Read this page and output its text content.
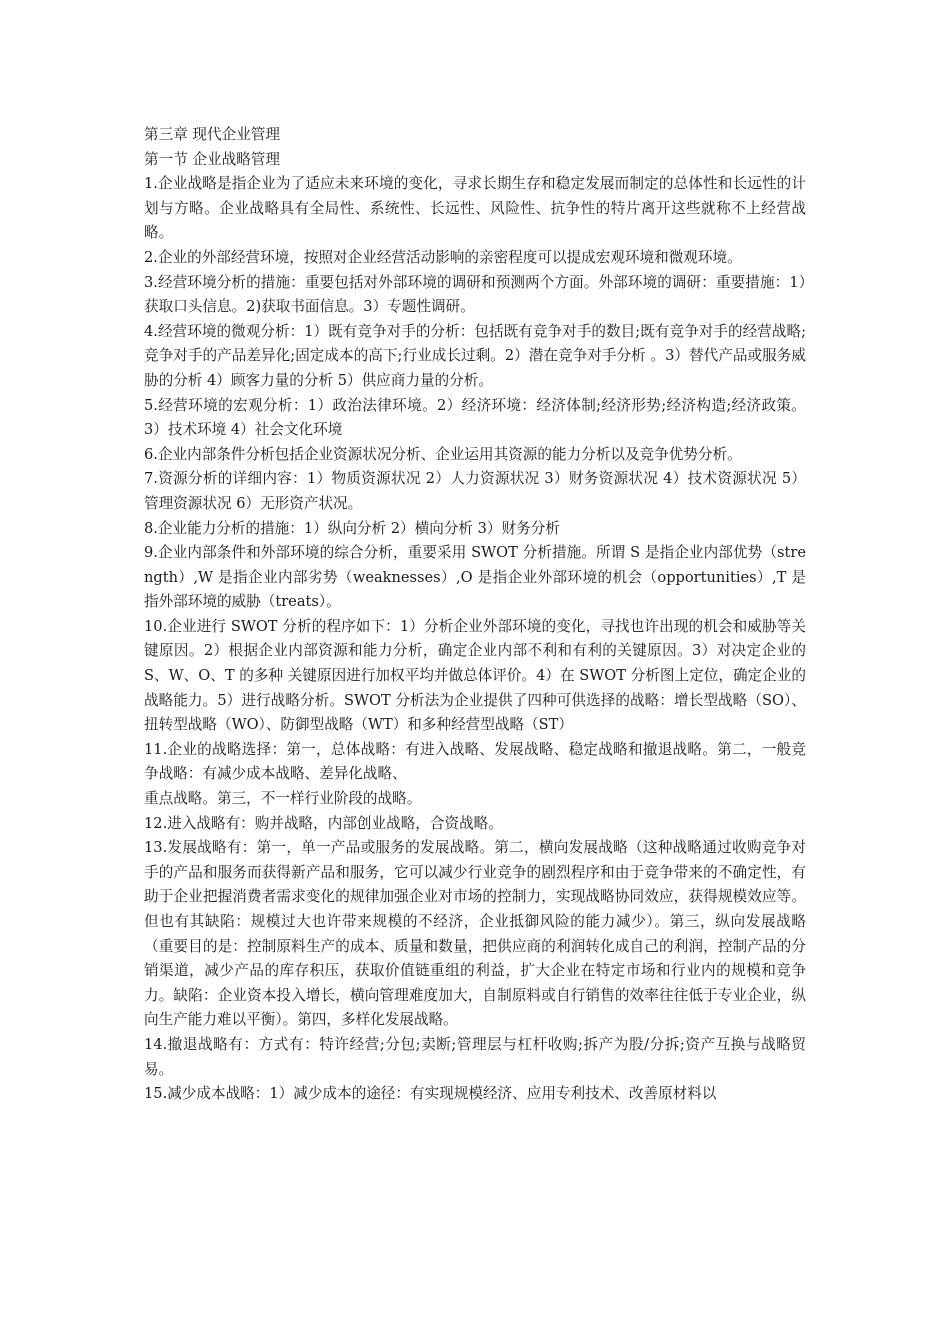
第三章 现代企业管理

第一节 企业战略管理

1.企业战略是指企业为了适应未来环境的变化，寻求长期生存和稳定发展而制定的总体性和长远性的计划与方略。企业战略具有全局性、系统性、长远性、风险性、抗争性的特片离开这些就称不上经营战略。

2.企业的外部经营环境，按照对企业经营活动影响的亲密程度可以提成宏观环境和微观环境。

3.经营环境分析的措施：重要包括对外部环境的调研和预测两个方面。外部环境的调研：重要措施：1）获取口头信息。2)获取书面信息。3）专题性调研。

4.经营环境的微观分析：1）既有竞争对手的分析：包括既有竞争对手的数目;既有竞争对手的经营战略;竞争对手的产品差异化;固定成本的高下;行业成长过剩。2）潜在竞争对手分析 。3）替代产品或服务威胁的分析 4）顾客力量的分析 5）供应商力量的分析。

5.经营环境的宏观分析：1）政治法律环境。2）经济环境：经济体制;经济形势;经济构造;经济政策。3）技术环境 4）社会文化环境

6.企业内部条件分析包括企业资源状况分析、企业运用其资源的能力分析以及竞争优势分析。

7.资源分析的详细内容：1）物质资源状况 2）人力资源状况 3）财务资源状况 4）技术资源状况 5）管理资源状况 6）无形资产状况。

8.企业能力分析的措施：1）纵向分析 2）横向分析 3）财务分析

9.企业内部条件和外部环境的综合分析，重要采用 SWOT 分析措施。所谓 S 是指企业内部优势（strength）,W 是指企业内部劣势（weaknesses）,O 是指企业外部环境的机会（opportunities）,T 是指外部环境的威胁（treats）。

10.企业进行 SWOT 分析的程序如下：1）分析企业外部环境的变化，寻找也许出现的机会和威胁等关键原因。2）根据企业内部资源和能力分析，确定企业内部不利和有利的关键原因。3）对决定企业的 S、W、O、T 的多种 关键原因进行加权平均并做总体评价。4）在 SWOT 分析图上定位，确定企业的战略能力。5）进行战略分析。SWOT 分析法为企业提供了四种可供选择的战略：增长型战略（SO）、扭转型战略（WO）、防御型战略（WT）和多种经营型战略（ST）

11.企业的战略选择：第一，总体战略：有进入战略、发展战略、稳定战略和撤退战略。第二，一般竞争战略：有减少成本战略、差异化战略、

重点战略。第三，不一样行业阶段的战略。

12.进入战略有：购并战略，内部创业战略，合资战略。

13.发展战略有：第一，单一产品或服务的发展战略。第二，横向发展战略（这种战略通过收购竞争对手的产品和服务而获得新产品和服务，它可以减少行业竞争的剧烈程序和由于竞争带来的不确定性，有助于企业把握消费者需求变化的规律加强企业对市场的控制力，实现战略协同效应，获得规模效应等。但也有其缺陷：规模过大也许带来规模的不经济，企业抵御风险的能力减少）。第三，纵向发展战略（重要目的是：控制原料生产的成本、质量和数量，把供应商的利润转化成自己的利润，控制产品的分销渠道，减少产品的库存积压，获取价值链重组的利益，扩大企业在特定市场和行业内的规模和竞争力。缺陷：企业资本投入增长，横向管理难度加大，自制原料或自行销售的效率往往低于专业企业，纵向生产能力难以平衡）。第四，多样化发展战略。

14.撤退战略有：方式有：特许经营;分包;卖断;管理层与杠杆收购;拆产为股/分拆;资产互换与战略贸易。

15.减少成本战略：1）减少成本的途径：有实现规模经济、应用专利技术、改善原材料以
